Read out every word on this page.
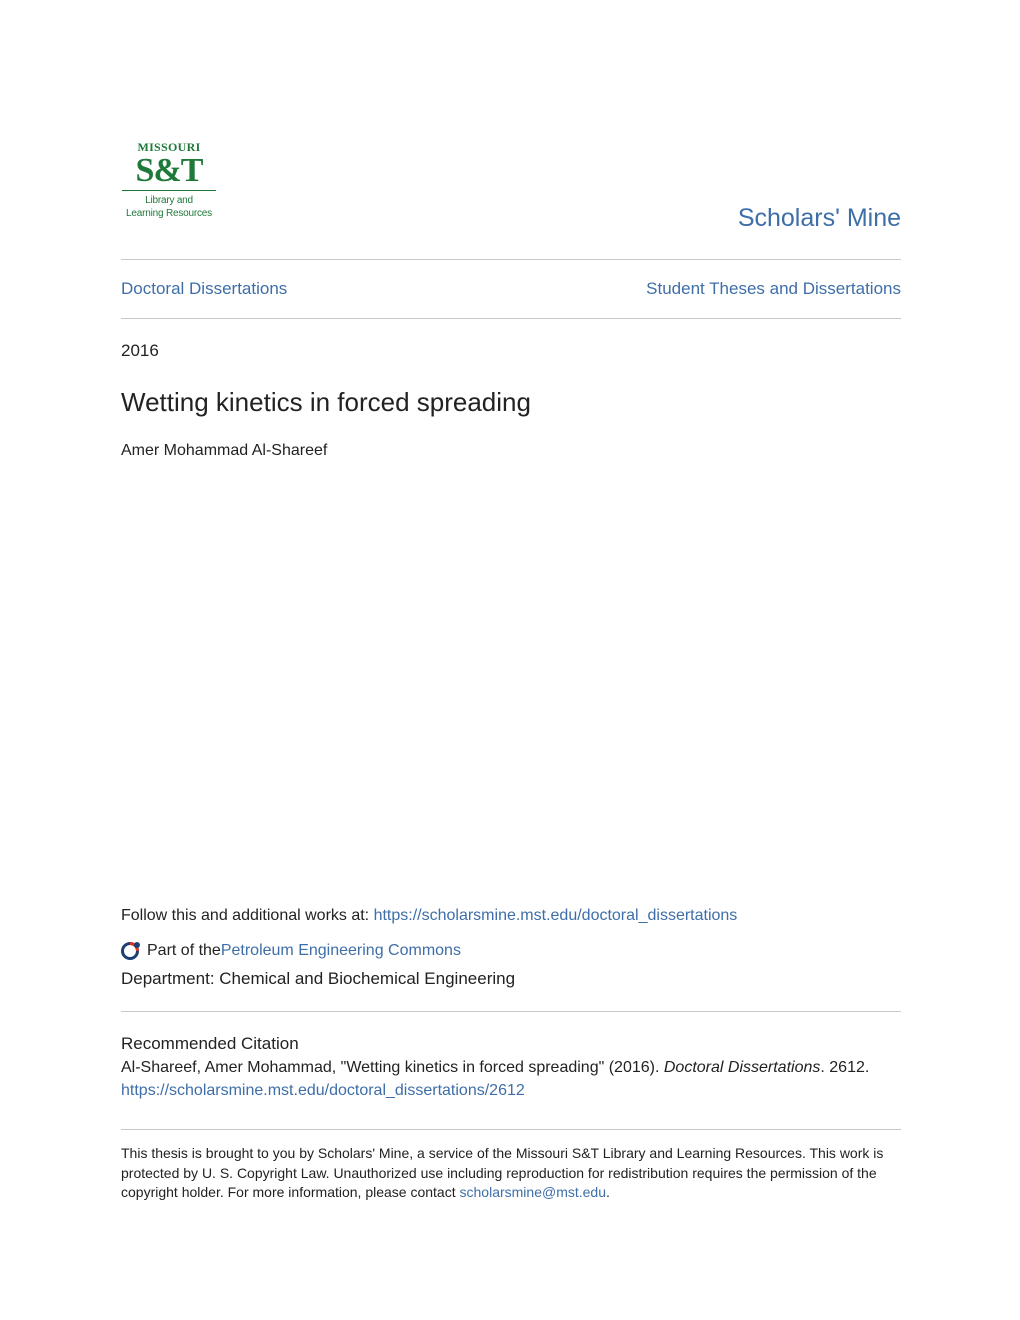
MISSOURI
S&T
Library and
Learning Resources	Scholars' Mine
Doctoral Dissertations	Student Theses and Dissertations
2016
Wetting kinetics in forced spreading
Amer Mohammad Al-Shareef
Follow this and additional works at: https://scholarsmine.mst.edu/doctoral_dissertations
Part of the Petroleum Engineering Commons
Department: Chemical and Biochemical Engineering
Recommended Citation
Al-Shareef, Amer Mohammad, "Wetting kinetics in forced spreading" (2016). Doctoral Dissertations. 2612.
https://scholarsmine.mst.edu/doctoral_dissertations/2612
This thesis is brought to you by Scholars' Mine, a service of the Missouri S&T Library and Learning Resources. This work is protected by U. S. Copyright Law. Unauthorized use including reproduction for redistribution requires the permission of the copyright holder. For more information, please contact scholarsmine@mst.edu.
